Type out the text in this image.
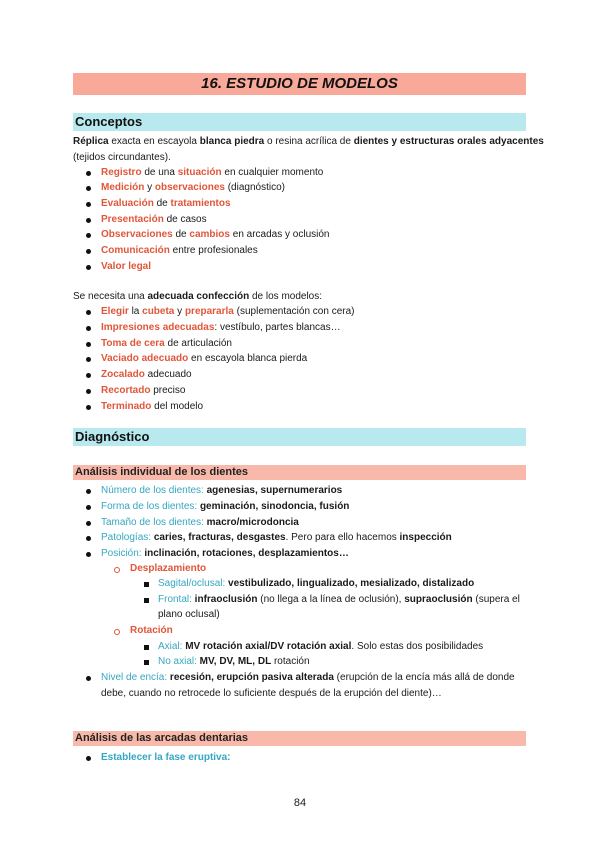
16. ESTUDIO DE MODELOS
Conceptos
Réplica exacta en escayola blanca piedra o resina acrílica de dientes y estructuras orales adyacentes
(tejidos circundantes).
Registro de una situación en cualquier momento
Medición y observaciones (diagnóstico)
Evaluación de tratamientos
Presentación de casos
Observaciones de cambios en arcadas y oclusión
Comunicación entre profesionales
Valor legal
Se necesita una adecuada confección de los modelos:
Elegir la cubeta y prepararla (suplementación con cera)
Impresiones adecuadas: vestíbulo, partes blancas…
Toma de cera de articulación
Vaciado adecuado en escayola blanca pierda
Zocalado adecuado
Recortado preciso
Terminado del modelo
Diagnóstico
Análisis individual de los dientes
Número de los dientes: agenesias, supernumerarios
Forma de los dientes: geminación, sinodoncia, fusión
Tamaño de los dientes: macro/microdoncia
Patologías: caries, fracturas, desgastes. Pero para ello hacemos inspección
Posición: inclinación, rotaciones, desplazamientos…
Desplazamiento
Sagital/oclusal: vestibulizado, lingualizado, mesializado, distalizado
Frontal: infraoclusión (no llega a la línea de oclusión), supraoclusión (supera el
plano oclusal)
Rotación
Axial: MV rotación axial/DV rotación axial. Solo estas dos posibilidades
No axial: MV, DV, ML, DL rotación
Nivel de encía: recesión, erupción pasiva alterada (erupción de la encía más allá de donde
debe, cuando no retrocede lo suficiente después de la erupción del diente)…
Análisis de las arcadas dentarias
Establecer la fase eruptiva:
84
